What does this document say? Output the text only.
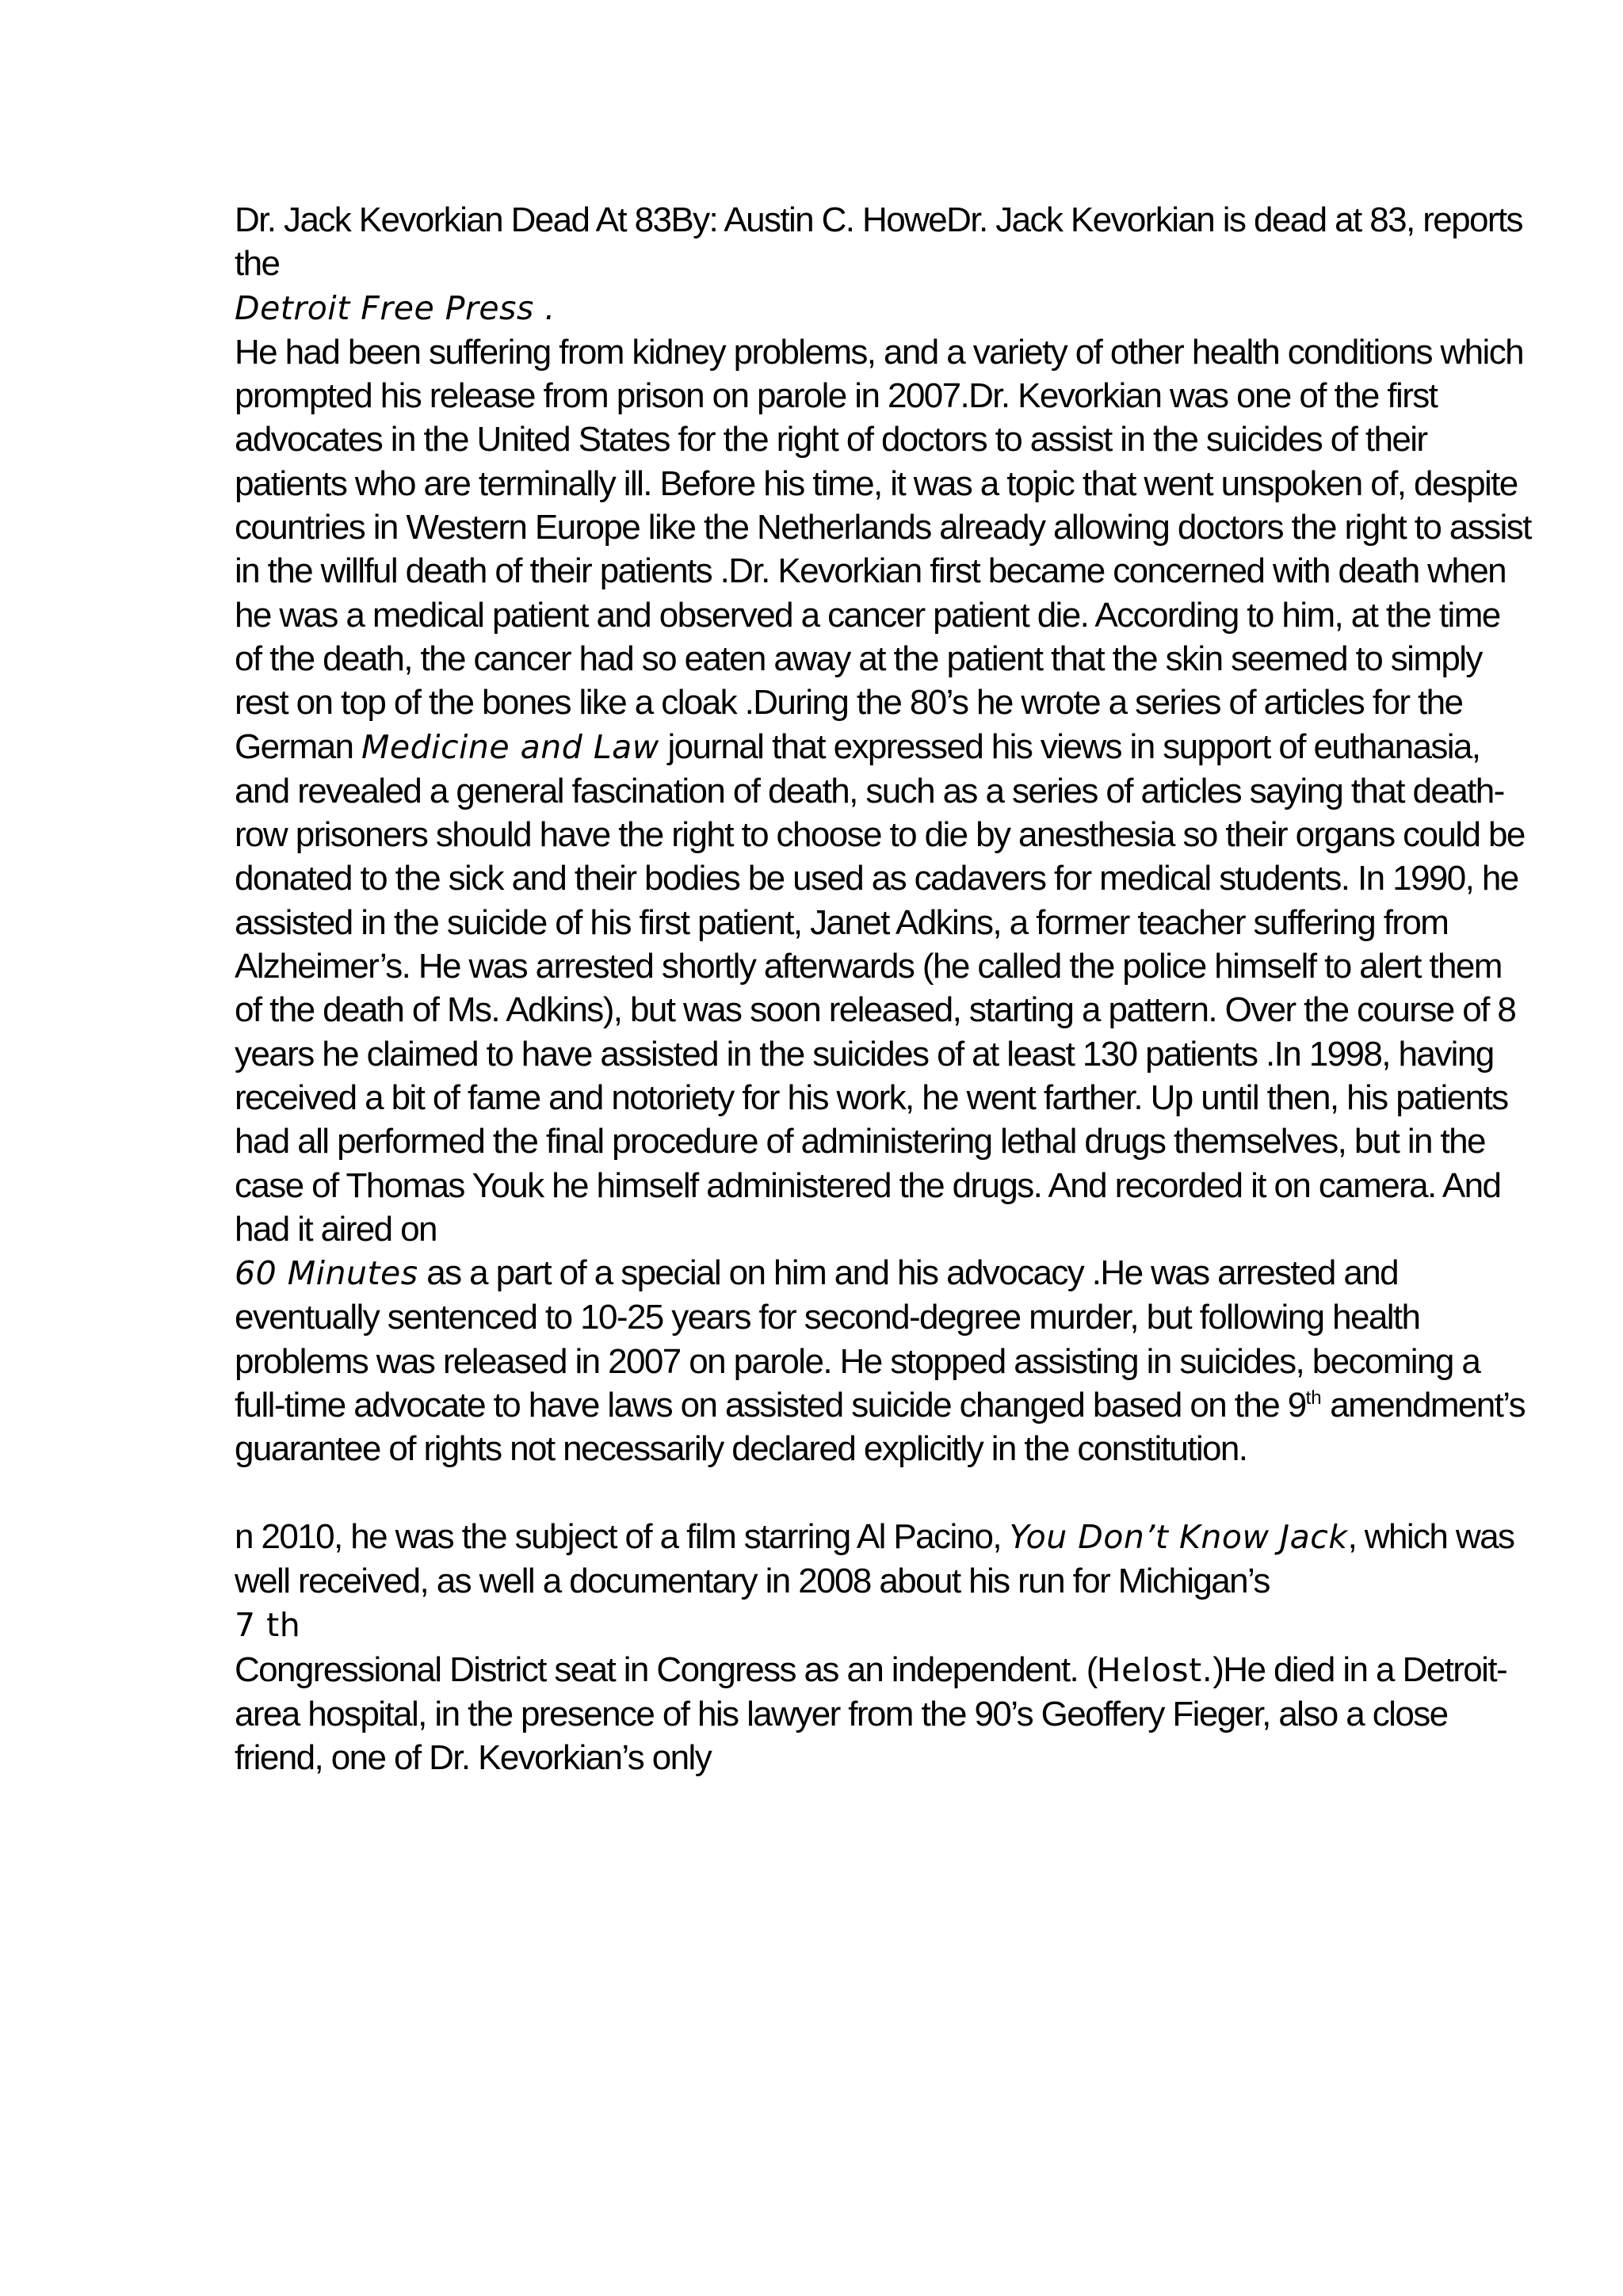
Dr. Jack Kevorkian Dead At 83By: Austin C. HoweDr. Jack Kevorkian is dead at 83, reports the

Detroit Free Press .

He had been suffering from kidney problems, and a variety of other health conditions which prompted his release from prison on parole in 2007.Dr. Kevorkian was one of the first advocates in the United States for the right of doctors to assist in the suicides of their patients who are terminally ill. Before his time, it was a topic that went unspoken of, despite countries in Western Europe like the Netherlands already allowing doctors the right to assist in the willful death of their patients .Dr. Kevorkian first became concerned with death when he was a medical patient and observed a cancer patient die. According to him, at the time of the death, the cancer had so eaten away at the patient that the skin seemed to simply rest on top of the bones like a cloak .During the 80’s he wrote a series of articles for the German Medicine and Law journal that expressed his views in support of euthanasia, and revealed a general fascination of death, such as a series of articles saying that death-row prisoners should have the right to choose to die by anesthesia so their organs could be donated to the sick and their bodies be used as cadavers for medical students. In 1990, he assisted in the suicide of his first patient, Janet Adkins, a former teacher suffering from Alzheimer’s. He was arrested shortly afterwards (he called the police himself to alert them of the death of Ms. Adkins), but was soon released, starting a pattern. Over the course of 8 years he claimed to have assisted in the suicides of at least 130 patients .In 1998, having received a bit of fame and notoriety for his work, he went farther. Up until then, his patients had all performed the final procedure of administering lethal drugs themselves, but in the case of Thomas Youk he himself administered the drugs. And recorded it on camera. And had it aired on

60 Minutes as a part of a special on him and his advocacy .He was arrested and eventually sentenced to 10-25 years for second-degree murder, but following health problems was released in 2007 on parole. He stopped assisting in suicides, becoming a full-time advocate to have laws on assisted suicide changed based on the 9th amendment’s guarantee of rights not necessarily declared explicitly in the constitution.

n 2010, he was the subject of a film starring Al Pacino, You Don’t Know Jack, which was well received, as well a documentary in 2008 about his run for Michigan’s

7 th

Congressional District seat in Congress as an independent. (Helost.)He died in a Detroit-area hospital, in the presence of his lawyer from the 90’s Geoffery Fieger, also a close friend, one of Dr. Kevorkian’s only
